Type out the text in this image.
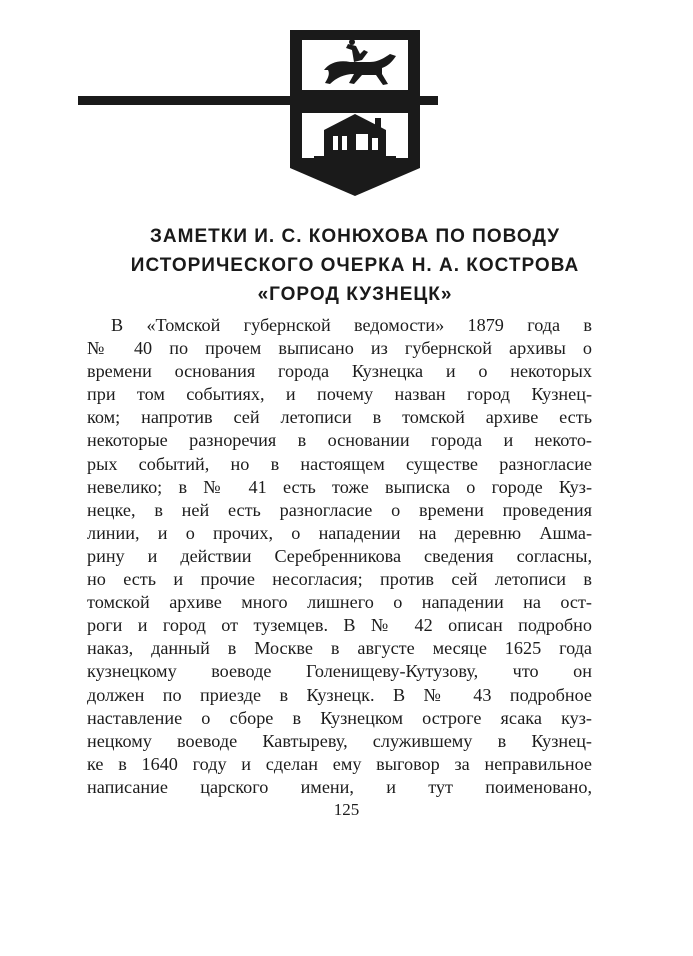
ЗАМЕТКИ И. С. КОНЮХОВА ПО ПОВОДУ
ИСТОРИЧЕСКОГО ОЧЕРКА Н. А. КОСТРОВА
«ГОРОД КУЗНЕЦК»
В «Томской губернской ведомости» 1879 года в
№ 40 по прочем выписано из губернской архивы о
времени основания города Кузнецка и о некоторых
при том событиях, и почему назван город Кузнец-
ком; напротив сей летописи в томской архиве есть
некоторые разноречия в основании города и некото-
рых событий, но в настоящем существе разногласие
невелико; в № 41 есть тоже выписка о городе Куз-
нецке, в ней есть разногласие о времени проведения
линии, и о прочих, о нападении на деревню Ашма-
рину и действии Серебренникова сведения согласны,
но есть и прочие несогласия; против сей летописи в
томской архиве много лишнего о нападении на ост-
роги и город от туземцев. В № 42 описан подробно
наказ, данный в Москве в августе месяце 1625 года
кузнецкому воеводе Голенищеву-Кутузову, что он
должен по приезде в Кузнецк. В № 43 подробное
наставление о сборе в Кузнецком остроге ясака куз-
нецкому воеводе Кавтыреву, служившему в Кузнец-
ке в 1640 году и сделан ему выговор за неправильное
написание царского имени, и тут поименовано,
125
